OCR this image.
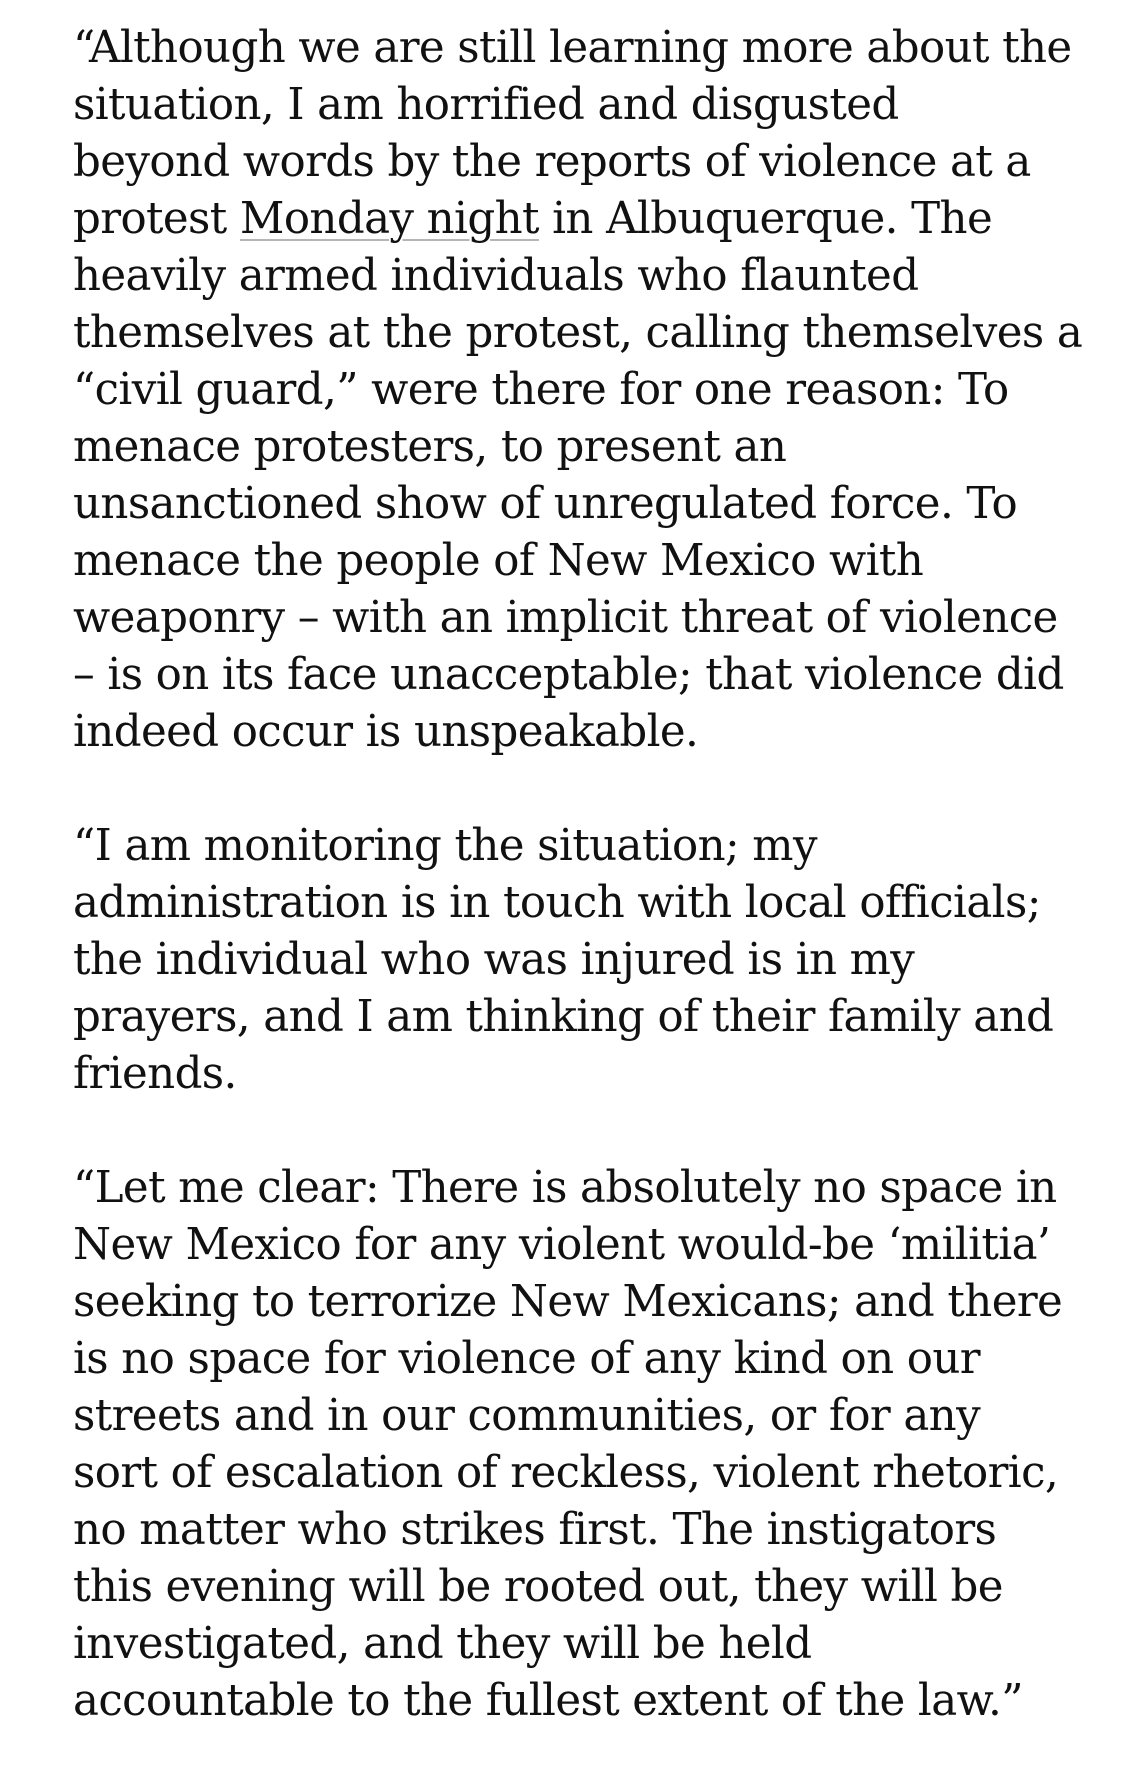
“Although we are still learning more about the
situation, I am horrified and disgusted
beyond words by the reports of violence at a
protest Monday night in Albuquerque. The
heavily armed individuals who flaunted
themselves at the protest, calling themselves a
“civil guard,” were there for one reason: To
menace protesters, to present an
unsanctioned show of unregulated force. To
menace the people of New Mexico with
weaponry – with an implicit threat of violence
– is on its face unacceptable; that violence did
indeed occur is unspeakable.

“I am monitoring the situation; my
administration is in touch with local officials;
the individual who was injured is in my
prayers, and I am thinking of their family and
friends.

“Let me clear: There is absolutely no space in
New Mexico for any violent would-be ‘militia’
seeking to terrorize New Mexicans; and there
is no space for violence of any kind on our
streets and in our communities, or for any
sort of escalation of reckless, violent rhetoric,
no matter who strikes first. The instigators
this evening will be rooted out, they will be
investigated, and they will be held
accountable to the fullest extent of the law.”
